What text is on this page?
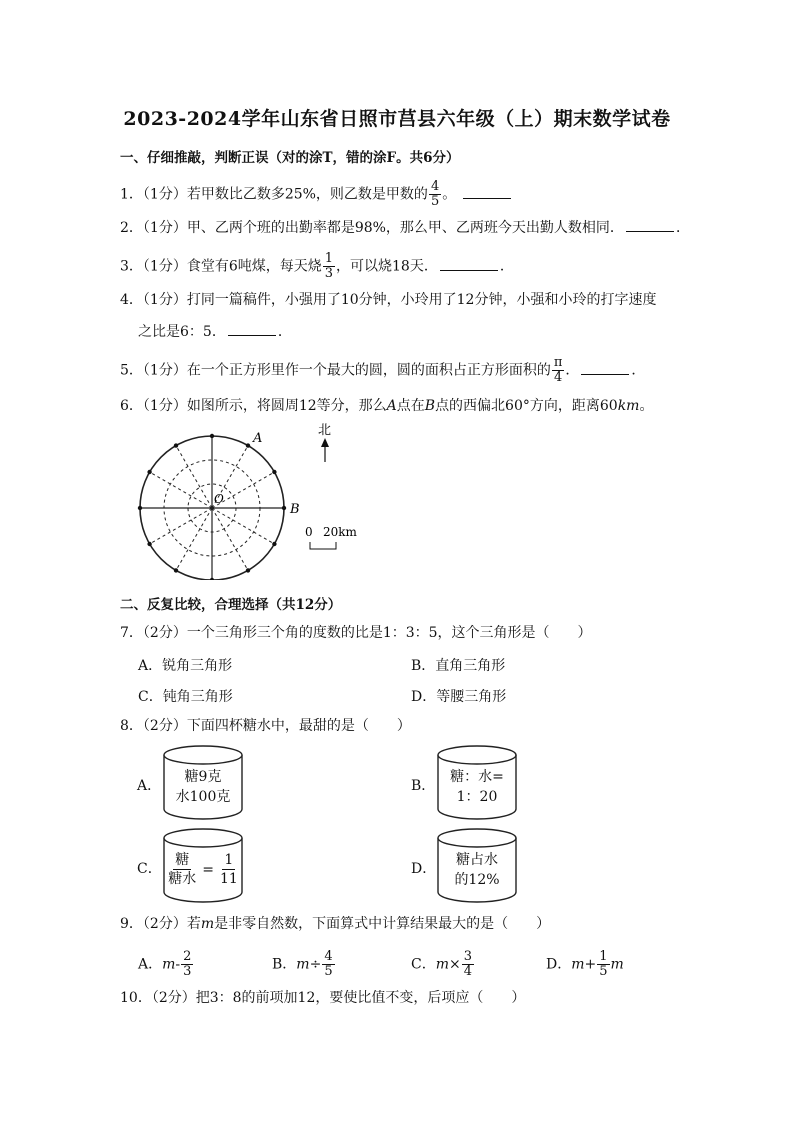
2023-2024学年山东省日照市莒县六年级（上）期末数学试卷
一、仔细推敲，判断正误（对的涂T，错的涂F。共6分）
1．（1分）若甲数比乙数多25%，则乙数是甲数的 $\frac{4}{5}$ 。
2．（1分）甲、乙两个班的出勤率都是98%，那么甲、乙两班今天出勤人数相同．	．
3．（1分）食堂有6吨煤，每天烧 $\frac{1}{3}$ ，可以烧18天．	．
4．（1分）打同一篇稿件，小强用了10分钟，小玲用了12分钟，小强和小玲的打字速度
之比是6：5．	．
5．（1分）在一个正方形里作一个最大的圆，圆的面积占正方形面积的 $\frac{\pi}{4}$ ．	．
6．（1分）如图所示，将圆周12等分，那么A点在B点的西偏北60°方向，距离60km。
A
B
O
北
0 20km
二、反复比较，合理选择（共12分）
7．（2分）一个三角形三个角的度数的比是1：3：5，这个三角形是（　　）
A．锐角三角形	B．直角三角形
C．钝角三角形	D．等腰三角形
8．（2分）下面四杯糖水中，最甜的是（　　）
A．
糖9克
水100克
B．
糖：水=
1：20
C． $\frac{\text{糖}}{\text{糖水}} = \frac{1}{11}$	D．
糖占水
的12%
9．（2分）若m是非零自然数，下面算式中计算结果最大的是（　　）
A．$m- \frac{2}{3}$	B．$m\div \frac{4}{5}$	C．$m\times \frac{3}{4}$	D．$m+ \frac{1}{5}$ m
10．（2分）把3：8的前项加12，要使比值不变，后项应（　　）
